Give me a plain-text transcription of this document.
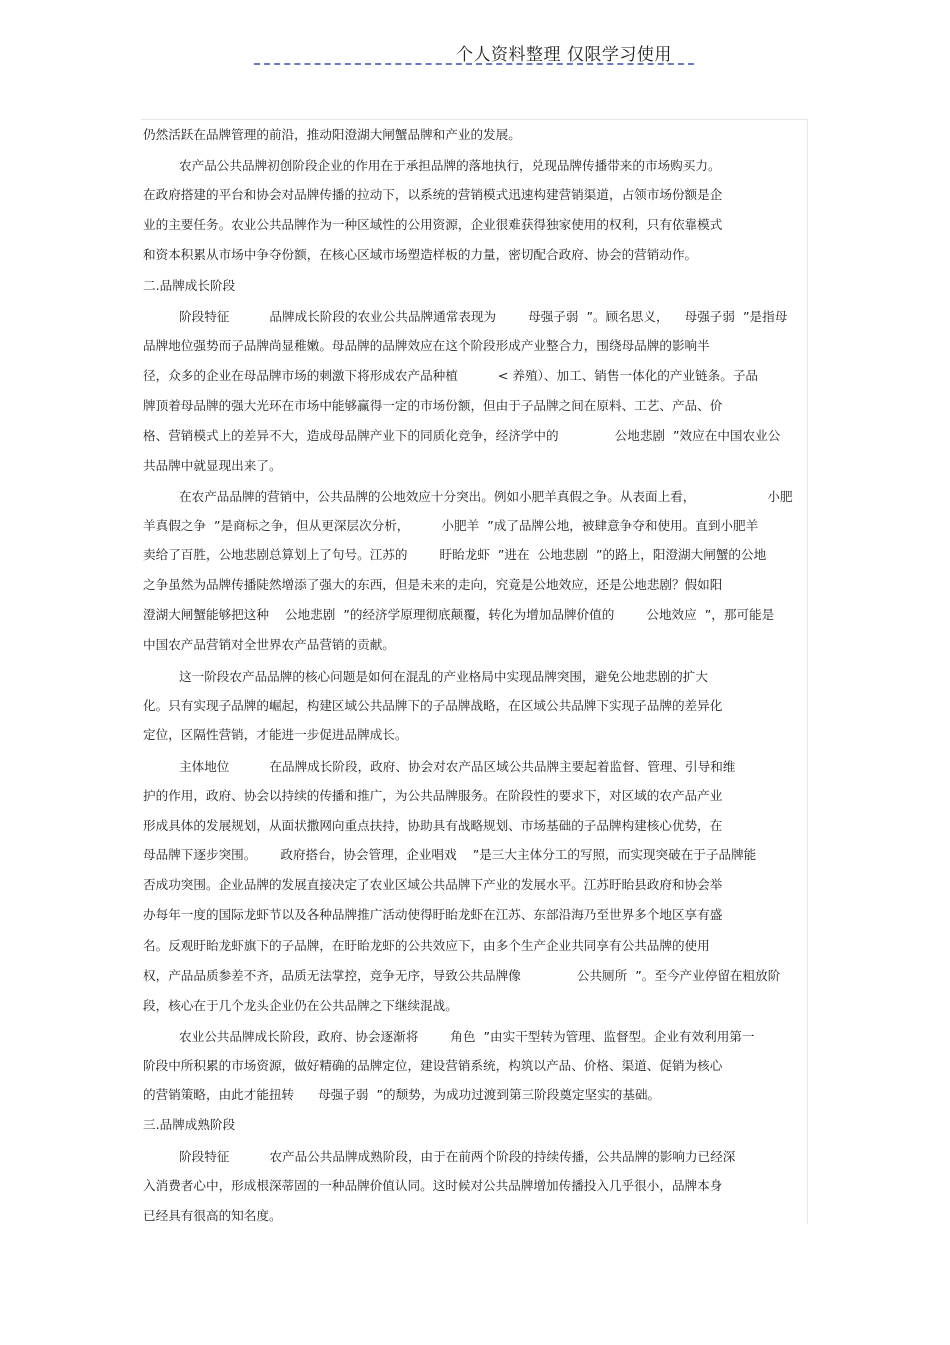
个人资料整理 仅限学习使用

仍然活跃在品牌管理的前沿，推动阳澄湖大闸蟹品牌和产业的发展。

农产品公共品牌初创阶段企业的作用在于承担品牌的落地执行，兑现品牌传播带来的市场购买力。

在政府搭建的平台和协会对品牌传播的拉动下，以系统的营销模式迅速构建营销渠道，占领市场份额是企

业的主要任务。农业公共品牌作为一种区域性的公用资源，企业很难获得独家使用的权利，只有依靠模式

和资本积累从市场中争夺份额，在核心区域市场塑造样板的力量，密切配合政府、协会的营销动作。

二.品牌成长阶段

阶段特征          品牌成长阶段的农业公共品牌通常表现为        母强子弱  ”。顾名思义，    母强子弱  ”是指母

品牌地位强势而子品牌尚显稚嫩。母品牌的品牌效应在这个阶段形成产业整合力，围绕母品牌的影响半

径，众多的企业在母品牌市场的刺激下将形成农产品种植          < 养殖）、加工、销售一体化的产业链条。子品

牌顶着母品牌的强大光环在市场中能够赢得一定的市场份额，但由于子品牌之间在原料、工艺、产品、价

格、营销模式上的差异不大，造成母品牌产业下的同质化竞争，经济学中的              公地悲剧  ”效应在中国农业公

共品牌中就显现出来了。

在农产品品牌的营销中，公共品牌的公地效应十分突出。例如小肥羊真假之争。从表面上看，                  小肥

羊真假之争  ”是商标之争，但从更深层次分析，        小肥羊  ”成了品牌公地，被肆意争夺和使用。直到小肥羊

卖给了百胜，公地悲剧总算划上了句号。江苏的        盱眙龙虾  ”进在  公地悲剧  ”的路上，阳澄湖大闸蟹的公地

之争虽然为品牌传播陡然增添了强大的东西，但是未来的走向，究竟是公地效应，还是公地悲剧？假如阳

澄湖大闸蟹能够把这种    公地悲剧  ”的经济学原理彻底颠覆，转化为增加品牌价值的        公地效应  ”，那可能是

中国农产品营销对全世界农产品营销的贡献。

这一阶段农产品品牌的核心问题是如何在混乱的产业格局中实现品牌突围，避免公地悲剧的扩大

化。只有实现子品牌的崛起，构建区域公共品牌下的子品牌战略，在区域公共品牌下实现子品牌的差异化

定位，区隔性营销，才能进一步促进品牌成长。

主体地位          在品牌成长阶段，政府、协会对农产品区域公共品牌主要起着监督、管理、引导和维

护的作用，政府、协会以持续的传播和推广，为公共品牌服务。在阶段性的要求下，对区域的农产品产业

形成具体的发展规划，从面状撒网向重点扶持，协助具有战略规划、市场基础的子品牌构建核心优势，在

母品牌下逐步突围。      政府搭台，协会管理，企业唱戏    ”是三大主体分工的写照，而实现突破在于子品牌能

否成功突围。企业品牌的发展直接决定了农业区域公共品牌下产业的发展水平。江苏盱眙县政府和协会举

办每年一度的国际龙虾节以及各种品牌推广活动使得盱眙龙虾在江苏、东部沿海乃至世界多个地区享有盛

名。反观盱眙龙虾旗下的子品牌，在盱眙龙虾的公共效应下，由多个生产企业共同享有公共品牌的使用

权，产品品质参差不齐，品质无法掌控，竞争无序，导致公共品牌像              公共厕所  ”。至今产业停留在粗放阶

段，核心在于几个龙头企业仍在公共品牌之下继续混战。

农业公共品牌成长阶段，政府、协会逐渐将        角色  ”由实干型转为管理、监督型。企业有效利用第一

阶段中所积累的市场资源，做好精确的品牌定位，建设营销系统，构筑以产品、价格、渠道、促销为核心

的营销策略，由此才能扭转      母强子弱  ”的颓势，为成功过渡到第三阶段奠定坚实的基础。

三.品牌成熟阶段

阶段特征          农产品公共品牌成熟阶段，由于在前两个阶段的持续传播，公共品牌的影响力已经深

入消费者心中，形成根深蒂固的一种品牌价值认同。这时候对公共品牌增加传播投入几乎很小，品牌本身

已经具有很高的知名度。
